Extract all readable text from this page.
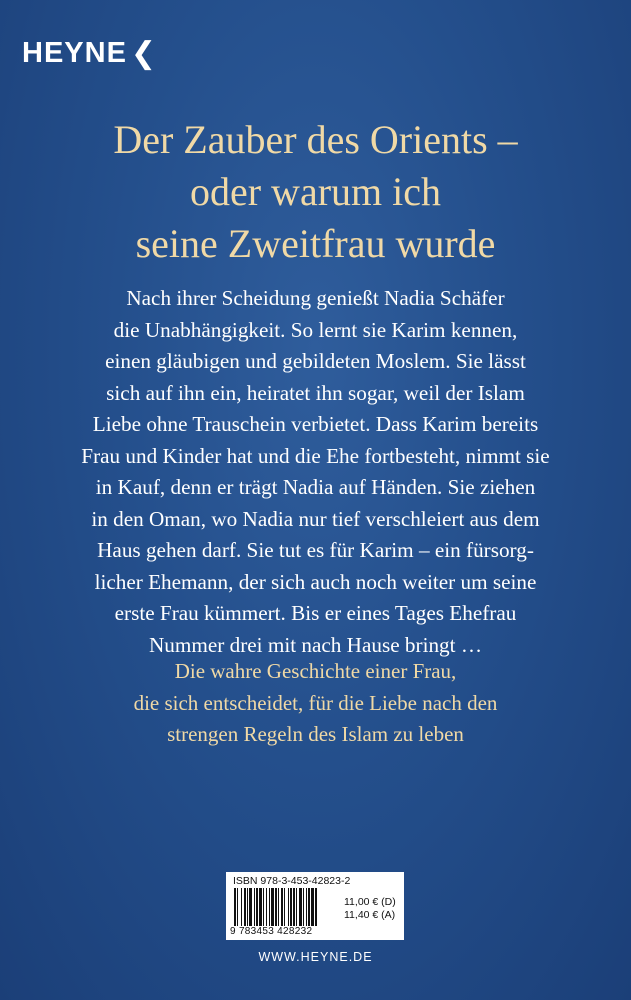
HEYNE ❮
Der Zauber des Orients –
oder warum ich
seine Zweitfrau wurde
Nach ihrer Scheidung genießt Nadia Schäfer
die Unabhängigkeit. So lernt sie Karim kennen,
einen gläubigen und gebildeten Moslem. Sie lässt
sich auf ihn ein, heiratet ihn sogar, weil der Islam
Liebe ohne Trauschein verbietet. Dass Karim bereits
Frau und Kinder hat und die Ehe fortbesteht, nimmt sie
in Kauf, denn er trägt Nadia auf Händen. Sie ziehen
in den Oman, wo Nadia nur tief verschleiert aus dem
Haus gehen darf. Sie tut es für Karim – ein fürsorg-
licher Ehemann, der sich auch noch weiter um seine
erste Frau kümmert. Bis er eines Tages Ehefrau
Nummer drei mit nach Hause bringt …
Die wahre Geschichte einer Frau,
die sich entscheidet, für die Liebe nach den
strengen Regeln des Islam zu leben
ISBN 978-3-453-42823-2
9 783453 428232
11,00 € (D)
11,40 € (A)
WWW.HEYNE.DE
